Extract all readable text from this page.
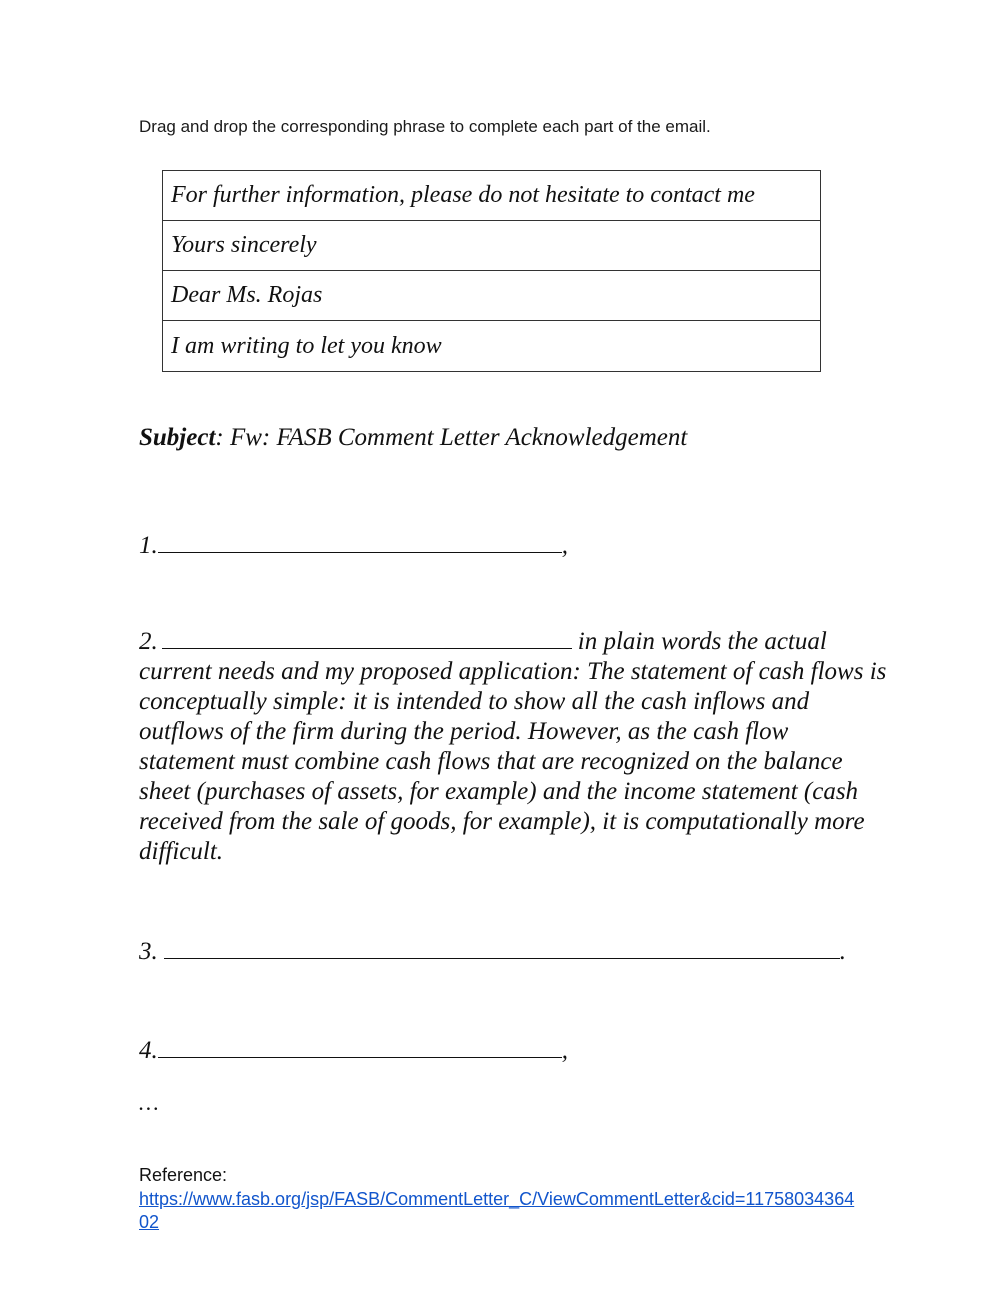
Drag and drop the corresponding phrase to complete each part of the email.
For further information, please do not hesitate to contact me
Yours sincerely
Dear Ms. Rojas
I am writing to let you know
Subject: Fw: FASB Comment Letter Acknowledgement
1.	,
2.	in plain words the actual current needs and my proposed application: The statement of cash flows is conceptually simple: it is intended to show all the cash inflows and outflows of the firm during the period. However, as the cash flow statement must combine cash flows that are recognized on the balance sheet (purchases of assets, for example) and the income statement (cash received from the sale of goods, for example), it is computationally more difficult.
3.	.
4.	,
…
Reference:
https://www.fasb.org/jsp/FASB/CommentLetter_C/ViewCommentLetter&cid=1175803436402
